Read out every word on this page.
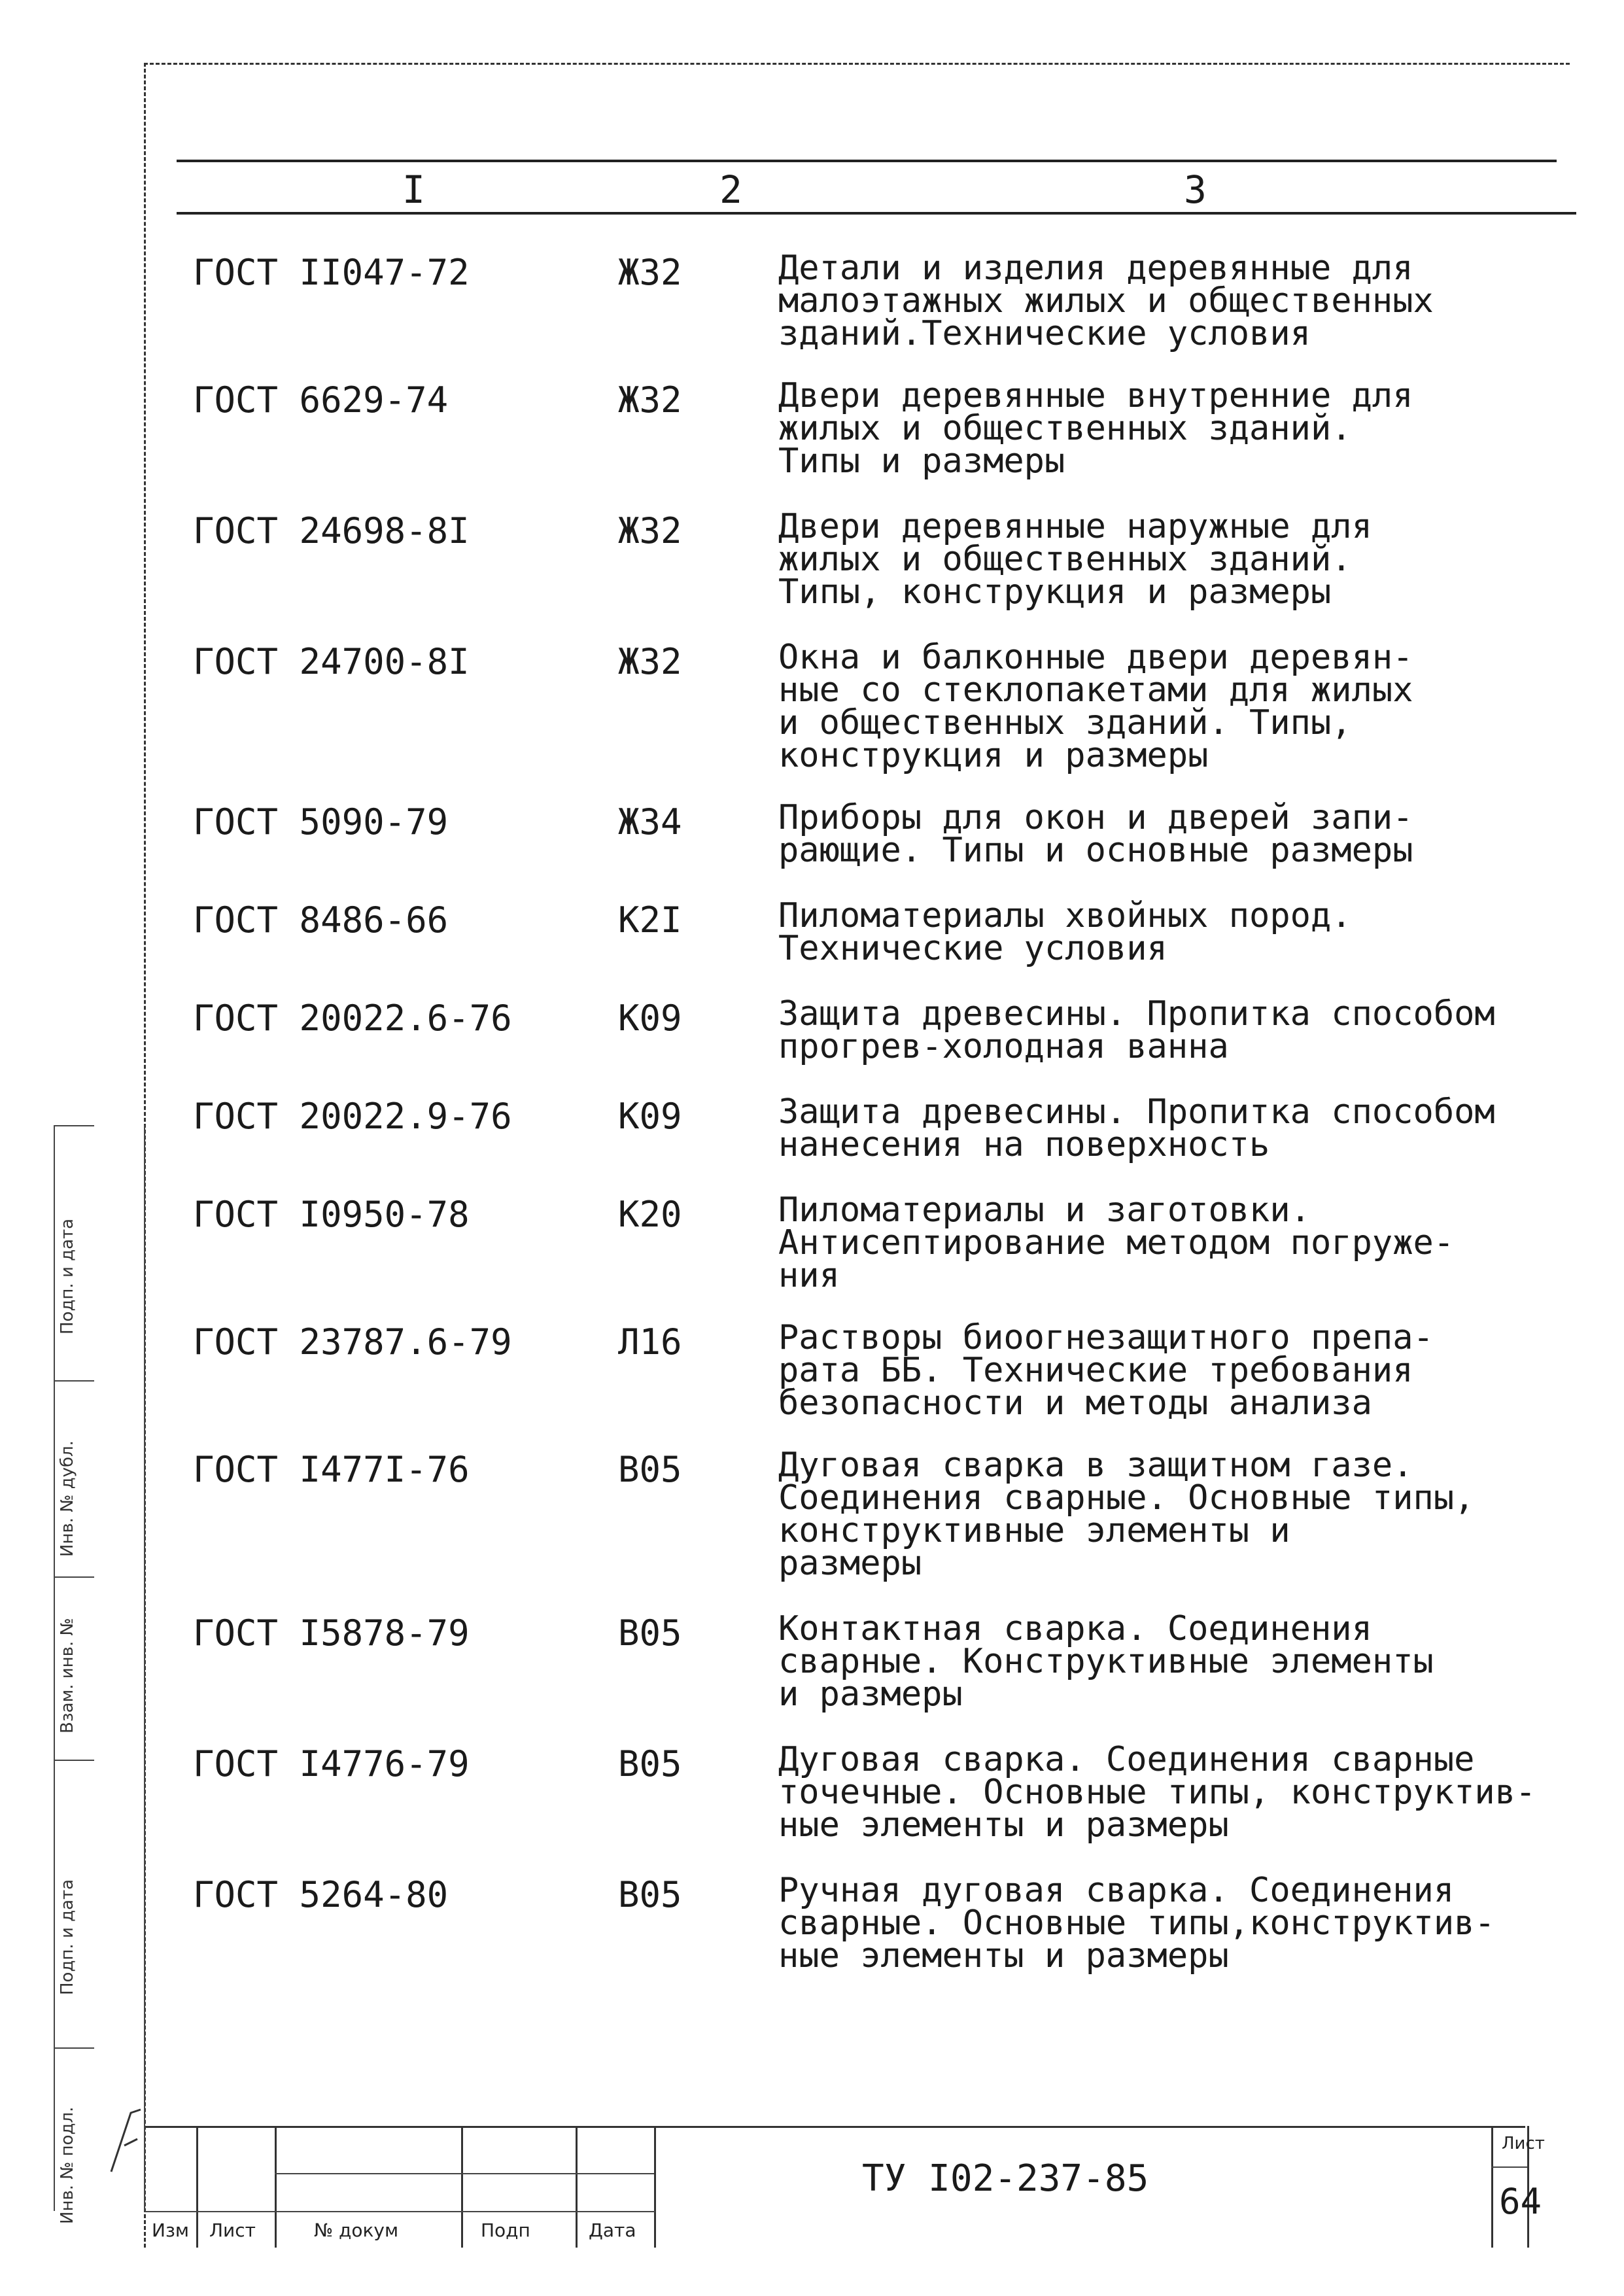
I	2	3
ГОСТ II047-72	Ж32	Детали и изделия деревянные для
малоэтажных жилых и общественных
зданий.Технические условия
ГОСТ 6629-74	Ж32	Двери деревянные внутренние для
жилых и общественных зданий.
Типы и размеры
ГОСТ 24698-8I	Ж32	Двери деревянные наружные для
жилых и общественных зданий.
Типы, конструкция и размеры
ГОСТ 24700-8I	Ж32	Окна и балконные двери деревян-
ные со стеклопакетами для жилых
и общественных зданий. Типы,
конструкция и размеры
ГОСТ 5090-79	Ж34	Приборы для окон и дверей запи-
рающие. Типы и основные размеры
ГОСТ 8486-66	К2I	Пиломатериалы хвойных пород.
Технические условия
ГОСТ 20022.6-76	К09	Защита древесины. Пропитка способом
прогрев-холодная ванна
ГОСТ 20022.9-76	К09	Защита древесины. Пропитка способом
нанесения на поверхность
ГОСТ I0950-78	К20	Пиломатериалы и заготовки.
Антисептирование методом погруже-
ния
ГОСТ 23787.6-79	Л16	Растворы биоогнезащитного препа-
рата ББ. Технические требования
безопасности и методы анализа
ГОСТ I477I-76	В05	Дуговая сварка в защитном газе.
Соединения сварные. Основные типы,
конструктивные элементы и
размеры
ГОСТ I5878-79	В05	Контактная сварка. Соединения
сварные. Конструктивные элементы
и размеры
ГОСТ I4776-79	В05	Дуговая сварка. Соединения сварные
точечные. Основные типы, конструктив-
ные элементы и размеры
ГОСТ 5264-80	В05	Ручная дуговая сварка. Соединения
сварные. Основные типы,конструктив-
ные элементы и размеры
Подп. и дата
Инв. № дубл.
Взам. инв. №
Подп. и дата
Инв. № подл.
Изм Лист	№ докум	Подп	Дата
ТУ I02-237-85
Лист
64
